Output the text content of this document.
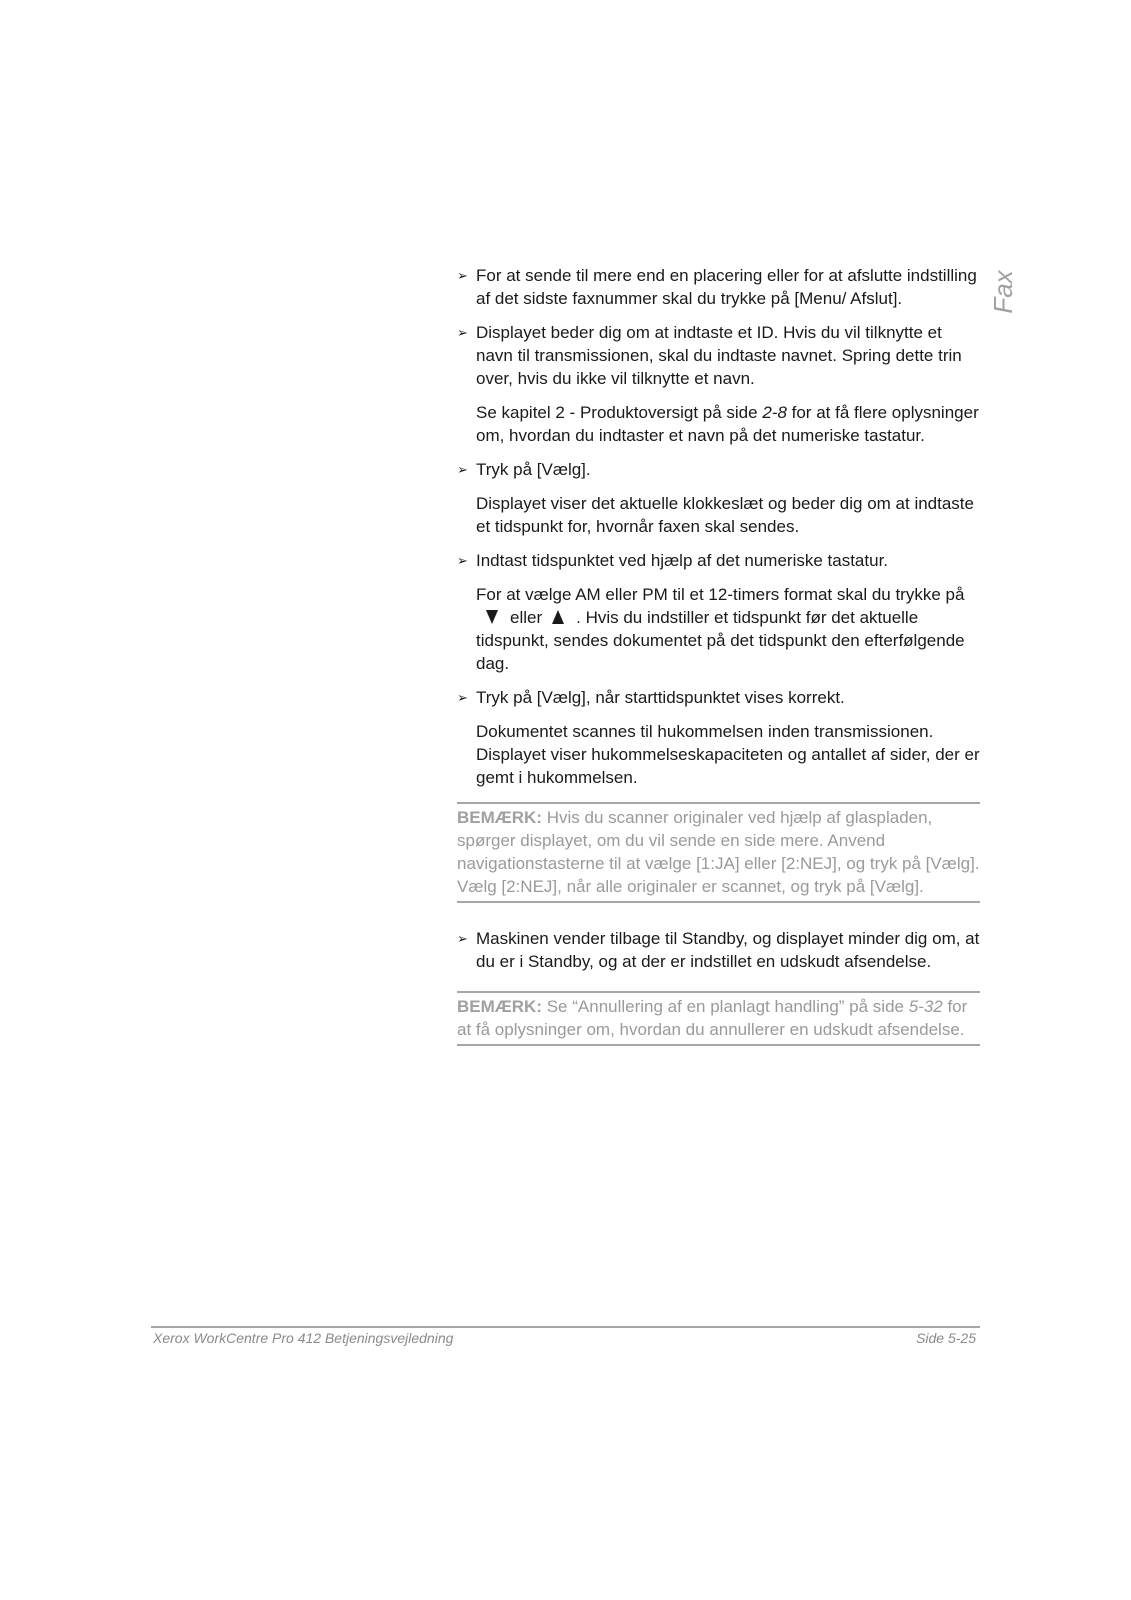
Fax
➢ For at sende til mere end en placering eller for at afslutte indstilling af det sidste faxnummer skal du trykke på [Menu/ Afslut].
➢ Displayet beder dig om at indtaste et ID. Hvis du vil tilknytte et navn til transmissionen, skal du indtaste navnet. Spring dette trin over, hvis du ikke vil tilknytte et navn.
Se kapitel 2 - Produktoversigt på side 2-8 for at få flere oplysninger om, hvordan du indtaster et navn på det numeriske tastatur.
➢ Tryk på [Vælg].
Displayet viser det aktuelle klokkeslæt og beder dig om at indtaste et tidspunkt for, hvornår faxen skal sendes.
➢ Indtast tidspunktet ved hjælp af det numeriske tastatur.
For at vælge AM eller PM til et 12-timers format skal du trykke påeller . Hvis du indstiller et tidspunkt før det aktuelle tidspunkt, sendes dokumentet på det tidspunkt den efterfølgende dag.
➢ Tryk på [Vælg], når starttidspunktet vises korrekt.
Dokumentet scannes til hukommelsen inden transmissionen. Displayet viser hukommelseskapaciteten og antallet af sider, der er gemt i hukommelsen.
BEMÆRK: Hvis du scanner originaler ved hjælp af glaspladen, spørger displayet, om du vil sende en side mere. Anvend navigationstasterne til at vælge [1:JA] eller [2:NEJ], og tryk på [Vælg]. Vælg [2:NEJ], når alle originaler er scannet, og tryk på [Vælg].
➢ Maskinen vender tilbage til Standby, og displayet minder dig om, at du er i Standby, og at der er indstillet en udskudt afsendelse.
BEMÆRK: Se “Annullering af en planlagt handling” på side 5-32 for at få oplysninger om, hvordan du annullerer en udskudt afsendelse.
Xerox WorkCentre Pro 412 Betjeningsvejledning	Side 5-25
